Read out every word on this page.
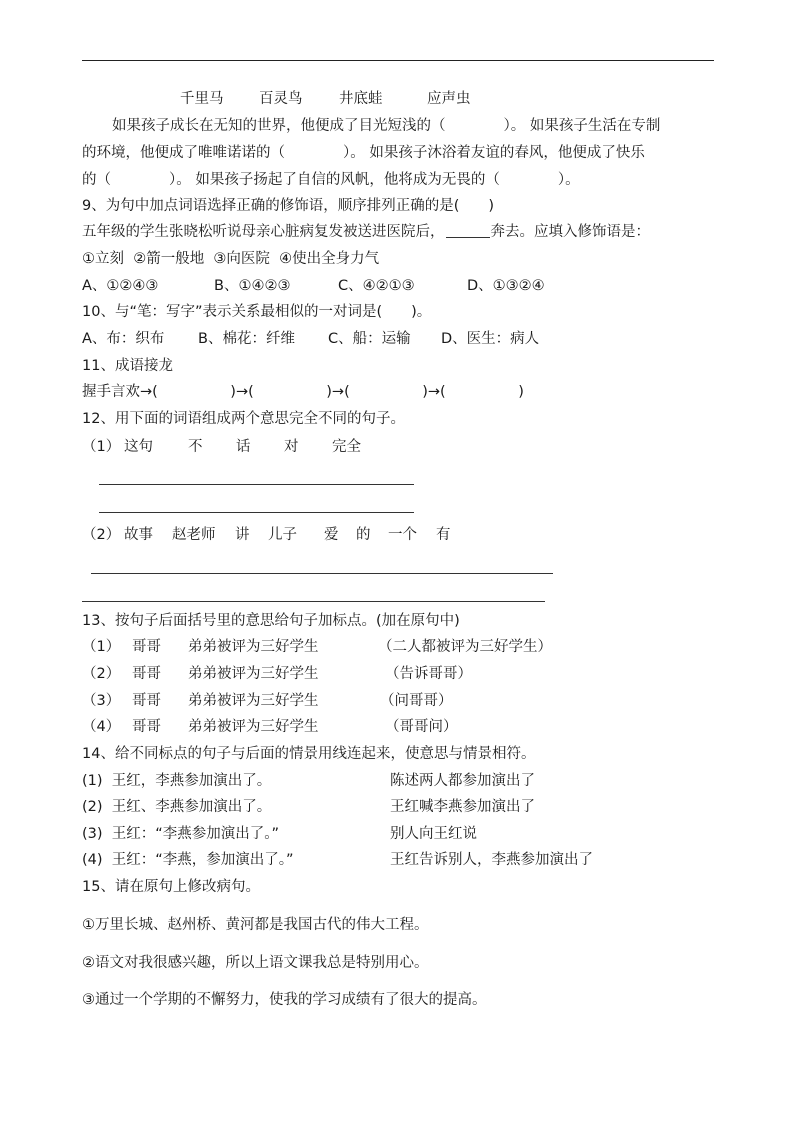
千里马 百灵鸟	井底蛙	应声虫
如果孩子成长在无知的世界，他便成了目光短浅的（　　　　）。 如果孩子生活在专制
的环境，他便成了唯唯诺诺的（　　　　）。 如果孩子沐浴着友谊的春风，他便成了快乐
的（　　　　）。 如果孩子扬起了自信的风帆，他将成为无畏的（　　　　）。
9、为句中加点词语选择正确的修饰语，顺序排列正确的是(　　)
五年级的学生张晓松听说母亲心脏病复发被送进医院后，	奔去。应填入修饰语是：
①立刻  ②箭一般地  ③向医院  ④使出全身力气
A、①②④③	B、①④②③	C、④②①③	D、①③②④
10、与“笔：写字”表示关系最相似的一对词是(　　)。
A、布：织布 B、棉花：纤维 C、船：运输 D、医生：病人
11、成语接龙
握手言欢→(　　　　　)→(　　　　　)→(　　　　　)→(　　　　　)
12、用下面的词语组成两个意思完全不同的句子。
（1） 这句 不 话 对 完全
（2） 故事 赵老师 讲 儿子 爱 的 一个 有
13、按句子后面括号里的意思给句子加标点。(加在原句中)
（1） 哥哥 弟弟被评为三好学生	（二人都被评为三好学生）
（2） 哥哥 弟弟被评为三好学生	（告诉哥哥）
（3） 哥哥 弟弟被评为三好学生	（问哥哥）
（4） 哥哥 弟弟被评为三好学生	（哥哥问）
14、给不同标点的句子与后面的情景用线连起来，使意思与情景相符。
(1)  王红，李燕参加演出了。	陈述两人都参加演出了
(2)  王红、李燕参加演出了。	王红喊李燕参加演出了
(3)  王红：“李燕参加演出了。”	别人向王红说
(4)  王红：“李燕，参加演出了。”	王红告诉别人，李燕参加演出了
15、请在原句上修改病句。
①万里长城、赵州桥、黄河都是我国古代的伟大工程。
②语文对我很感兴趣，所以上语文课我总是特别用心。
③通过一个学期的不懈努力，使我的学习成绩有了很大的提高。
